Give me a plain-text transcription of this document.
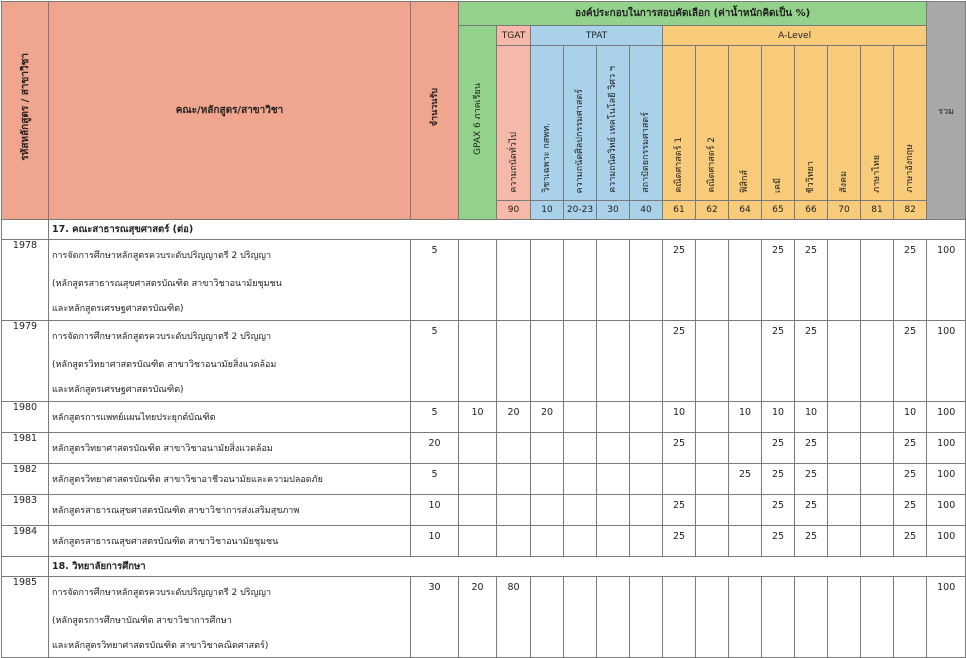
รหัสหลักสูตร / สาขาวิชา	คณะ/หลักสูตร/สาขาวิชา	จำนวนรับ	องค์ประกอบในการสอบคัดเลือก (ค่าน้ำหนักคิดเป็น %)														รวม
			GPAX 6 ภาคเรียน	TGAT	TPAT				A-Level								
				ความถนัดทั่วไป	วิชาเฉพาะ กสพท.	ความถนัดศิลปกรรมศาสตร์	ความถนัดวิทย์ เทคโนโลยี วิศว ฯ	สถาปัตยกรรมศาสตร์	คณิตศาสตร์ 1	คณิตศาสตร์ 2	ฟิสิกส์	เคมี	ชีววิทยา	สังคม	ภาษาไทย	ภาษาอังกฤษ	
				90	10	20-23	30	40	61	62	64	65	66	70	81	82	
	17. คณะสาธารณสุขศาสตร์ (ต่อ)																
1978	การจัดการศึกษาหลักสูตรควบระดับปริญญาตรี 2 ปริญญา	5							25			25	25			25	100
	(หลักสูตรสาธารณสุขศาสตรบัณฑิต สาขาวิชาอนามัยชุมชน																
	และหลักสูตรเศรษฐศาสตรบัณฑิต)																
1979	การจัดการศึกษาหลักสูตรควบระดับปริญญาตรี 2 ปริญญา	5							25			25	25			25	100
	(หลักสูตรวิทยาศาสตรบัณฑิต สาขาวิชาอนามัยสิ่งแวดล้อม																
	และหลักสูตรเศรษฐศาสตรบัณฑิต)																
1980	หลักสูตรการแพทย์แผนไทยประยุกต์บัณฑิต	5	10	20	20				10		10	10	10			10	100
1981	หลักสูตรวิทยาศาสตรบัณฑิต สาขาวิชาอนามัยสิ่งแวดล้อม	20							25			25	25			25	100
1982	หลักสูตรวิทยาศาสตรบัณฑิต สาขาวิชาอาชีวอนามัยและความปลอดภัย	5									25	25	25			25	100
1983	หลักสูตรสาธารณสุขศาสตรบัณฑิต สาขาวิชาการส่งเสริมสุขภาพ	10							25			25	25			25	100
1984	หลักสูตรสาธารณสุขศาสตรบัณฑิต สาขาวิชาอนามัยชุมชน	10							25			25	25			25	100
	18. วิทยาลัยการศึกษา																
1985	การจัดการศึกษาหลักสูตรควบระดับปริญญาตรี 2 ปริญญา	30	20	80													100
	(หลักสูตรการศึกษาบัณฑิต สาขาวิชาการศึกษา																
	และหลักสูตรวิทยาศาสตรบัณฑิต สาขาวิชาคณิตศาสตร์)																
